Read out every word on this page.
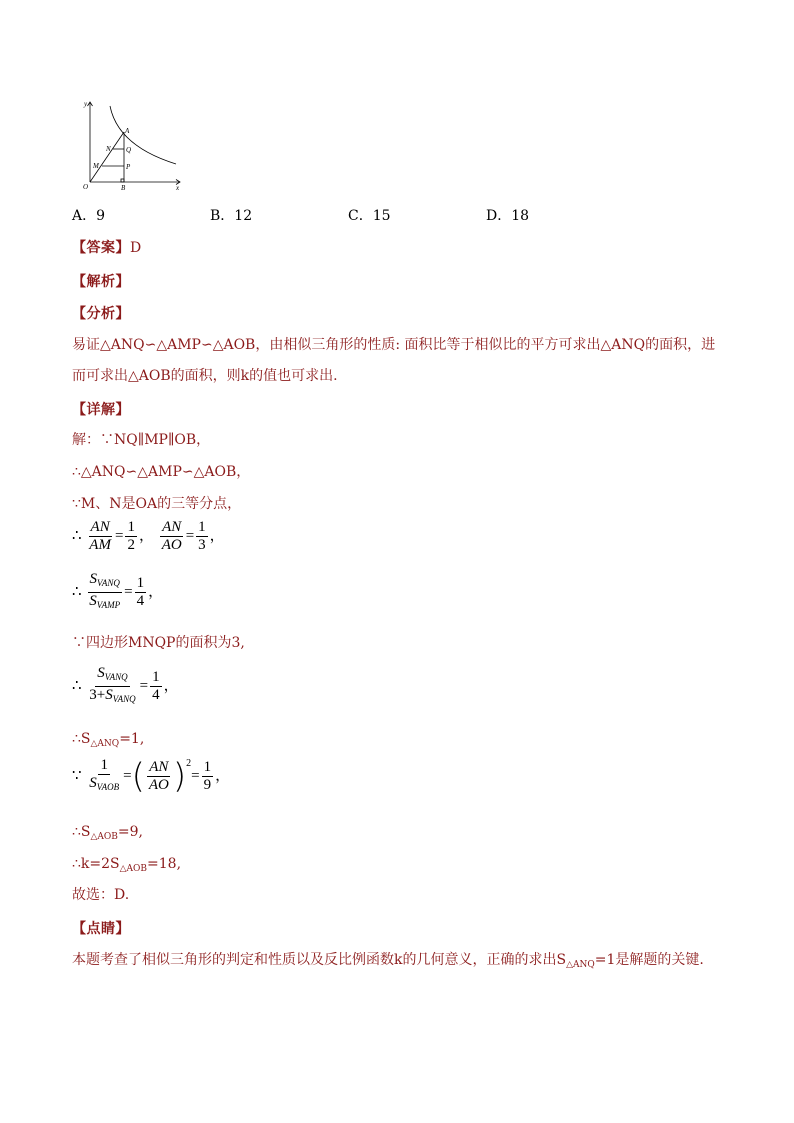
y
x
A
N Q
M	P
O	B
A．9	B．12	C．15	D．18
【答案】D
【解析】
【分析】
易证△ANQ∽△AMP∽△AOB，由相似三角形的性质: 面积比等于相似比的平方可求出△ANQ的面积，进
而可求出△AOB的面积，则k的值也可求出.
【详解】
解：∵NQ∥MP∥OB，
∴△ANQ∽△AMP∽△AOB，
∵M、N是OA的三等分点，
∴ $\frac{AN}{AM} = \frac{1}{2}$ ， $\frac{AN}{AO} = \frac{1}{3}$ ，
∴ $\frac{S_{VANQ}}{S_{VAMP}} = \frac{1}{4}$ ，
∵四边形MNQP的面积为3,
∴ $\frac{S_{VANQ}}{3+S_{VANQ}} = \frac{1}{4}$ ，
$\therefore S_{\triangle ANQ}=1$,
∵ $\frac{1}{S_{VAOB}}$ =( $\frac{AN}{AO} )^2= \frac{1}{9}$ ，
$\therefore S_{\triangle AOB}=9$,
$\therefore k=2S_{\triangle AOB}=18$,
故选：D.
【点睛】
本题考查了相似三角形的判定和性质以及反比例函数k的几何意义，正确的求出$S_{\triangle ANQ}=1$是解题的关键.
